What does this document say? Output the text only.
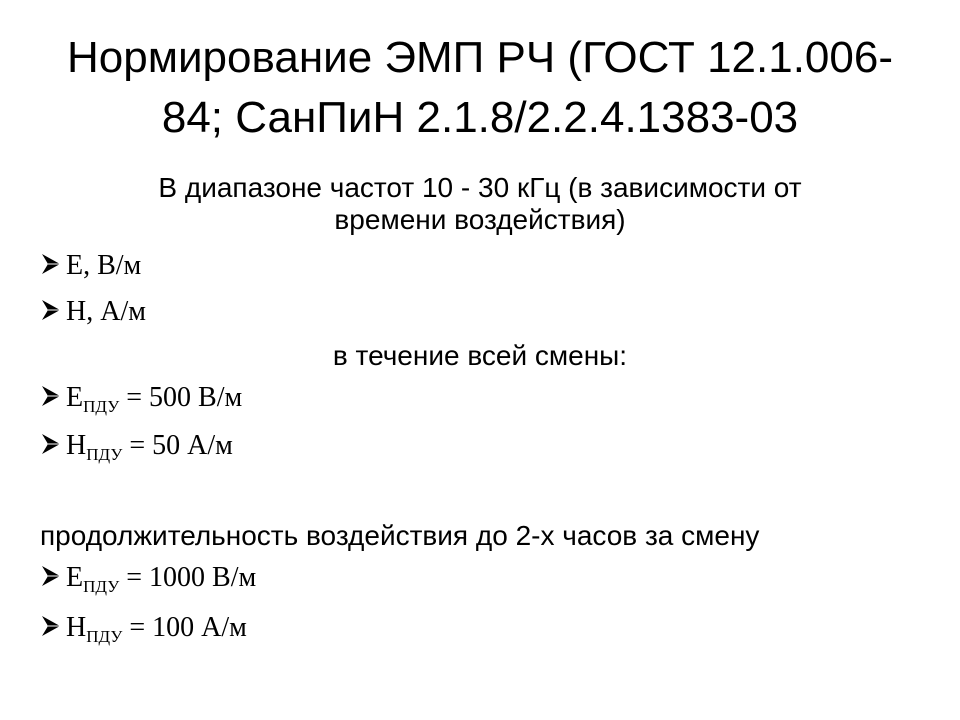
Нормирование ЭМП РЧ (ГОСТ 12.1.006-
84; СанПиН 2.1.8/2.2.4.1383-03
В диапазоне частот 10 - 30 кГц (в зависимости от
времени воздействия)
E, В/м
H, А/м
в течение всей смены:
$E_{ПДУ} = 500$ В/м
$H_{ПДУ} = 50$ А/м
продолжительность воздействия до 2-х часов за смену
$E_{ПДУ} = 1000$ В/м
$H_{ПДУ} = 100$ А/м
